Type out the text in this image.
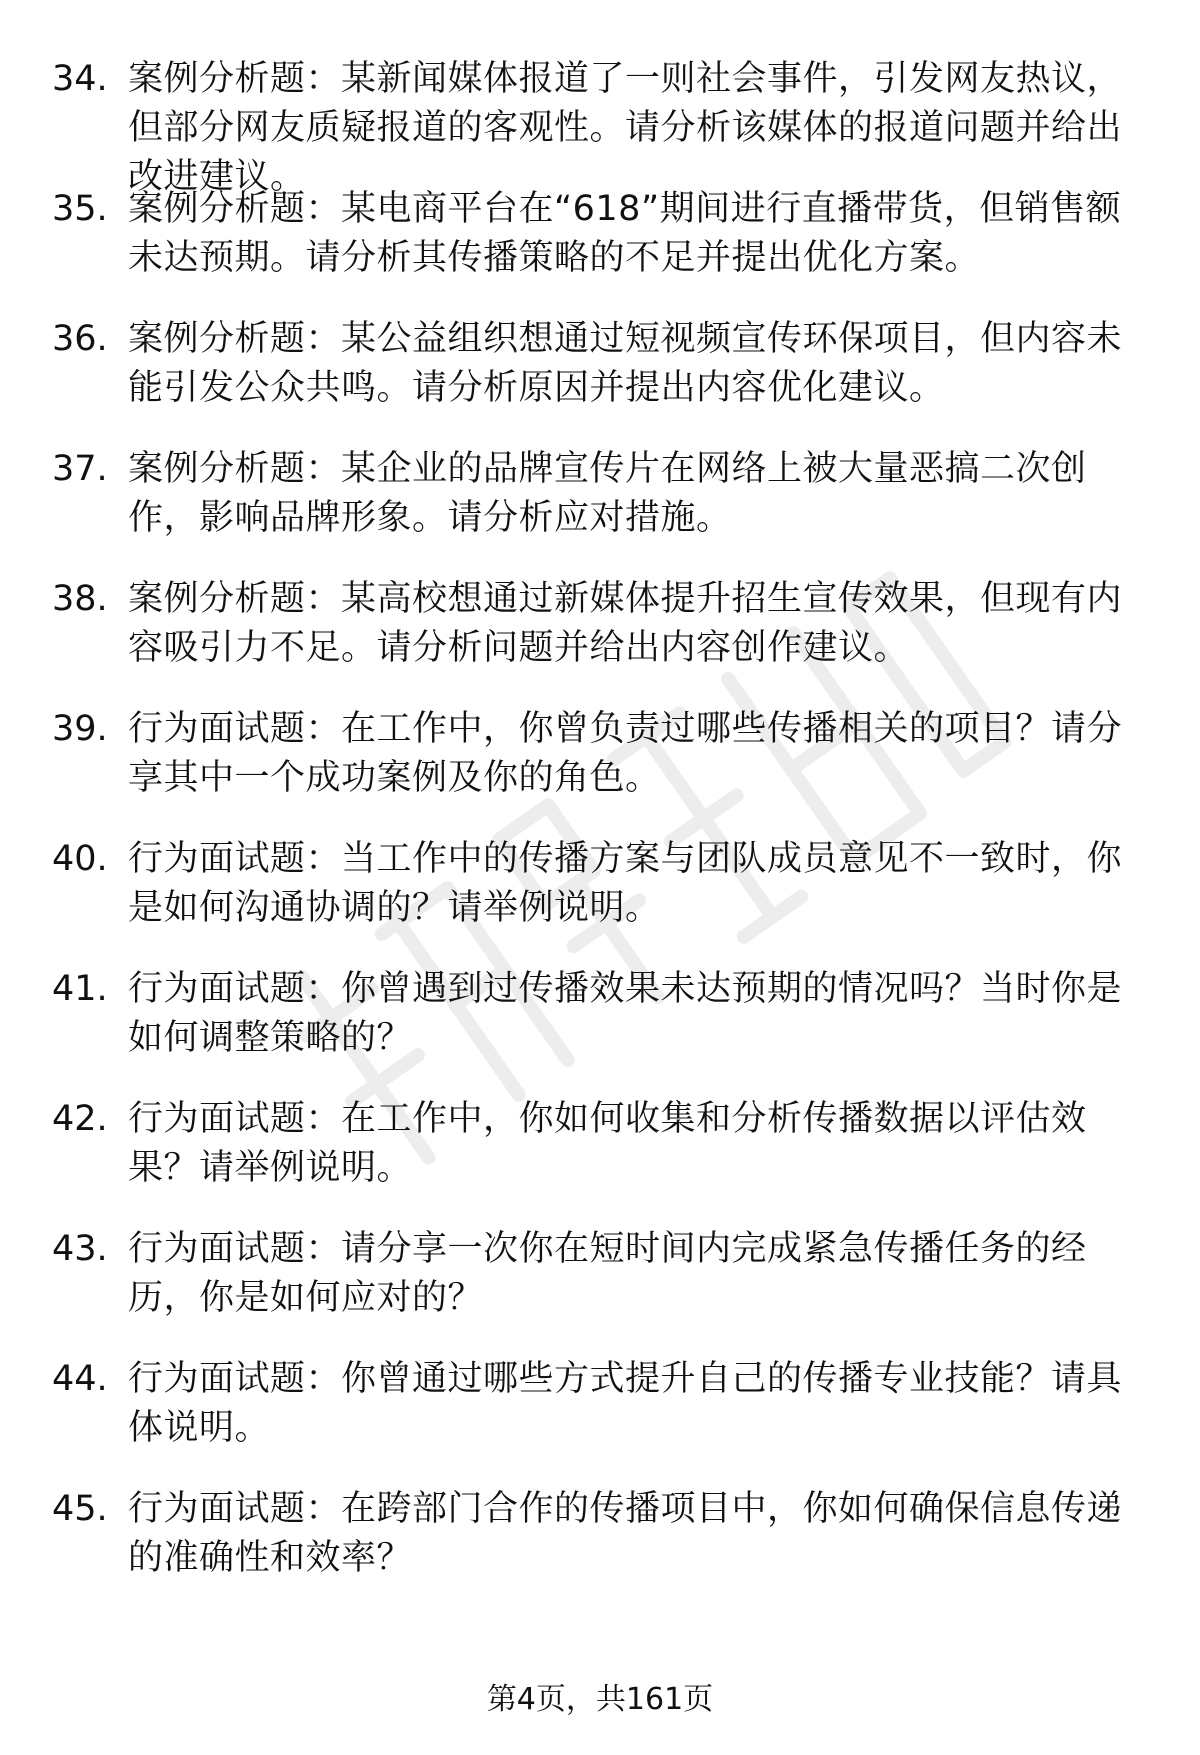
34. 案例分析题：某新闻媒体报道了一则社会事件，引发网友热议，但部分网友质疑报道的客观性。请分析该媒体的报道问题并给出改进建议。
35. 案例分析题：某电商平台在“618”期间进行直播带货，但销售额未达预期。请分析其传播策略的不足并提出优化方案。
36. 案例分析题：某公益组织想通过短视频宣传环保项目，但内容未能引发公众共鸣。请分析原因并提出内容优化建议。
37. 案例分析题：某企业的品牌宣传片在网络上被大量恶搞二次创作，影响品牌形象。请分析应对措施。
38. 案例分析题：某高校想通过新媒体提升招生宣传效果，但现有内容吸引力不足。请分析问题并给出内容创作建议。
39. 行为面试题：在工作中，你曾负责过哪些传播相关的项目？请分享其中一个成功案例及你的角色。
40. 行为面试题：当工作中的传播方案与团队成员意见不一致时，你是如何沟通协调的？请举例说明。
41. 行为面试题：你曾遇到过传播效果未达预期的情况吗？当时你是如何调整策略的？
42. 行为面试题：在工作中，你如何收集和分析传播数据以评估效果？请举例说明。
43. 行为面试题：请分享一次你在短时间内完成紧急传播任务的经历，你是如何应对的？
44. 行为面试题：你曾通过哪些方式提升自己的传播专业技能？请具体说明。
45. 行为面试题：在跨部门合作的传播项目中，你如何确保信息传递的准确性和效率？
第4页，共161页
